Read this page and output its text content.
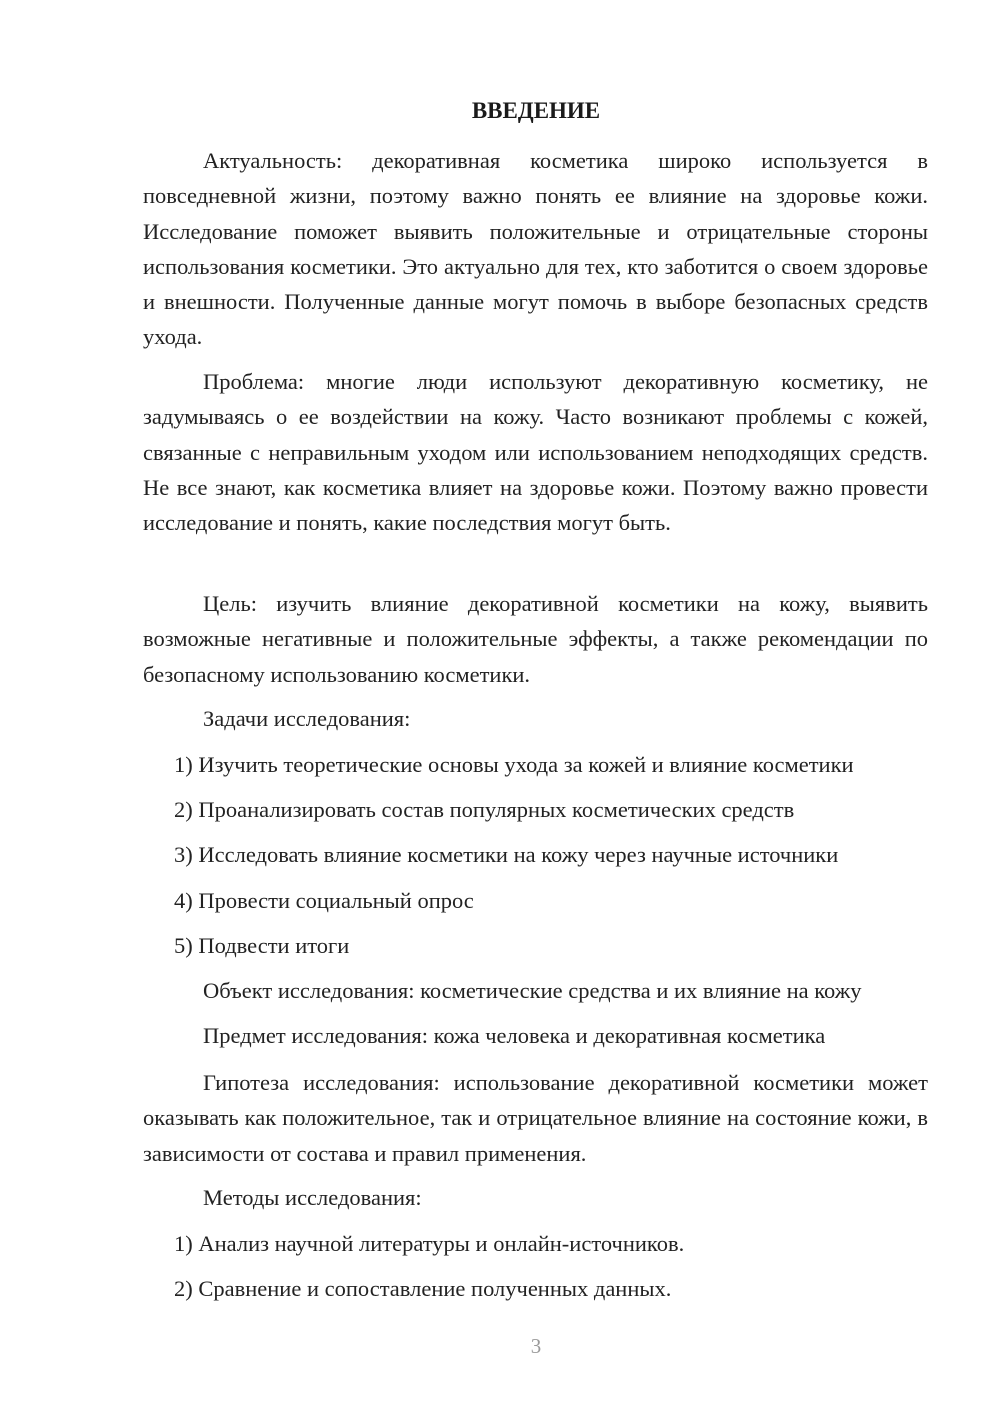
ВВЕДЕНИЕ

Актуальность: декоративная косметика широко используется в повседневной жизни, поэтому важно понять ее влияние на здоровье кожи. Исследование поможет выявить положительные и отрицательные стороны использования косметики. Это актуально для тех, кто заботится о своем здоровье и внешности. Полученные данные могут помочь в выборе безопасных средств ухода.

Проблема: многие люди используют декоративную косметику, не задумываясь о ее воздействии на кожу. Часто возникают проблемы с кожей, связанные с неправильным уходом или использованием неподходящих средств. Не все знают, как косметика влияет на здоровье кожи. Поэтому важно провести исследование и понять, какие последствия могут быть.

Цель: изучить влияние декоративной косметики на кожу, выявить возможные негативные и положительные эффекты, а также рекомендации по безопасному использованию косметики.

Задачи исследования:

1) Изучить теоретические основы ухода за кожей и влияние косметики

2) Проанализировать состав популярных косметических средств

3) Исследовать влияние косметики на кожу через научные источники

4) Провести социальный опрос

5) Подвести итоги

Объект исследования: косметические средства и их влияние на кожу

Предмет исследования: кожа человека и декоративная косметика

Гипотеза исследования: использование декоративной косметики может оказывать как положительное, так и отрицательное влияние на состояние кожи, в зависимости от состава и правил применения.

Методы исследования:

1) Анализ научной литературы и онлайн-источников.

2) Сравнение и сопоставление полученных данных.

3
